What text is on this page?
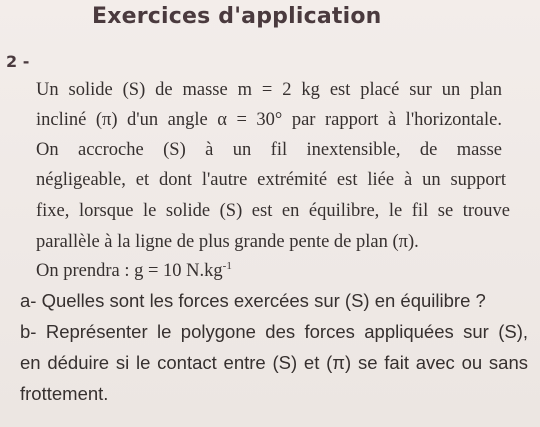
Exercices d'application
2 -
Un solide (S) de masse m = 2 kg est placé sur un plan
incliné (π) d'un angle α = 30° par rapport à l'horizontale.
On accroche (S) à un fil inextensible, de masse
négligeable, et dont l'autre extrémité est liée à un support
fixe, lorsque le solide (S) est en équilibre, le fil se trouve
parallèle à la ligne de plus grande pente de plan (π).
On prendra : g = 10 $N.kg^{-1}$
a- Quelles sont les forces exercées sur (S) en équilibre ?
b- Représenter le polygone des forces appliquées sur (S),
en déduire si le contact entre (S) et (π) se fait avec ou sans
frottement.
